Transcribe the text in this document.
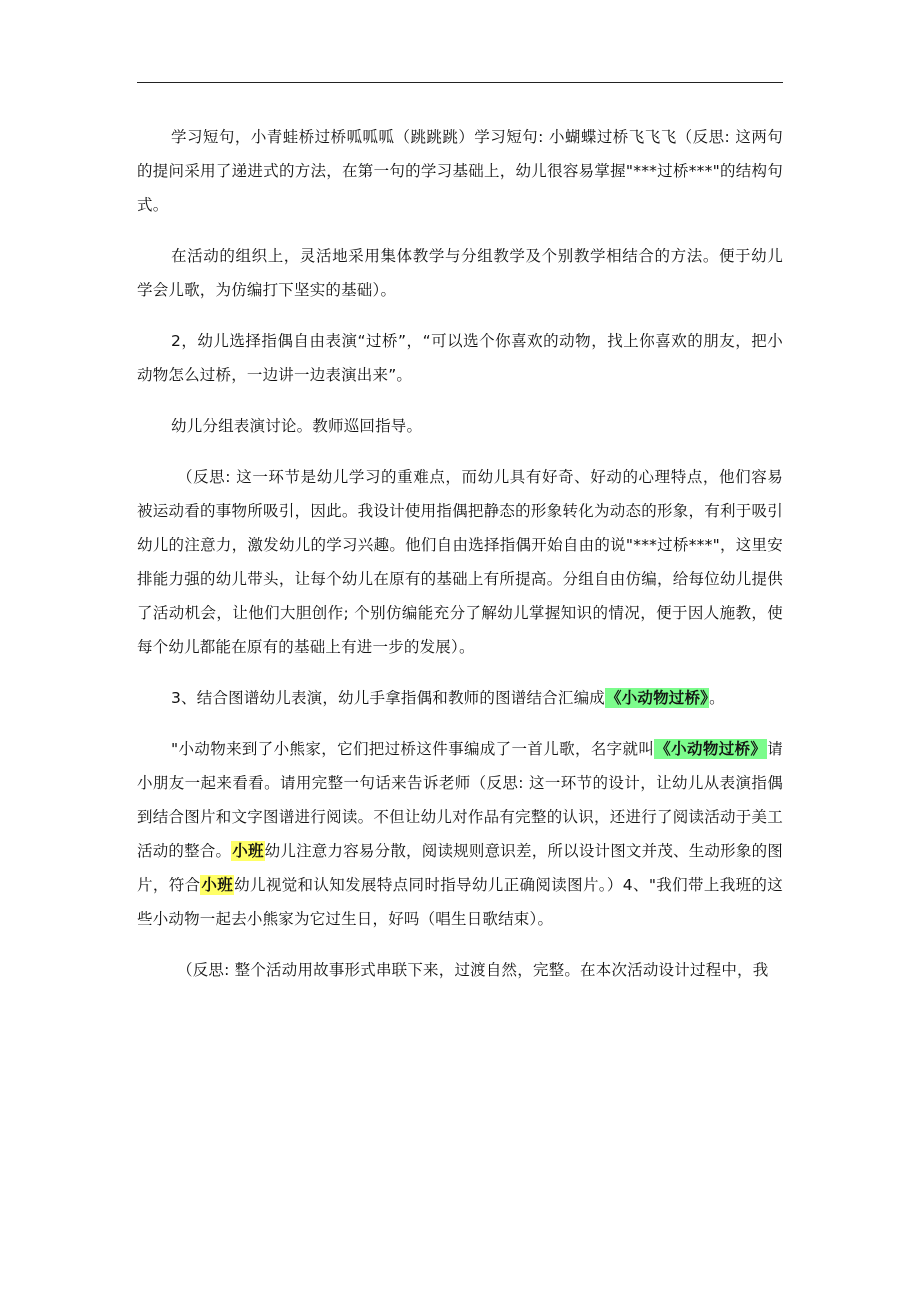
学习短句，小青蛙桥过桥呱呱呱（跳跳跳）学习短句: 小蝴蝶过桥飞飞飞（反思: 这两句的提问采用了递进式的方法，在第一句的学习基础上，幼儿很容易掌握"***过桥***"的结构句式。

在活动的组织上，灵活地采用集体教学与分组教学及个别教学相结合的方法。便于幼儿学会儿歌，为仿编打下坚实的基础）。

2，幼儿选择指偶自由表演“过桥”，“可以选个你喜欢的动物，找上你喜欢的朋友，把小动物怎么过桥，一边讲一边表演出来”。

幼儿分组表演讨论。教师巡回指导。

（反思: 这一环节是幼儿学习的重难点，而幼儿具有好奇、好动的心理特点，他们容易被运动看的事物所吸引，因此。我设计使用指偶把静态的形象转化为动态的形象，有利于吸引幼儿的注意力，激发幼儿的学习兴趣。他们自由选择指偶开始自由的说"***过桥***"，这里安排能力强的幼儿带头，让每个幼儿在原有的基础上有所提高。分组自由仿编，给每位幼儿提供了活动机会，让他们大胆创作; 个别仿编能充分了解幼儿掌握知识的情况，便于因人施教，使每个幼儿都能在原有的基础上有进一步的发展）。

3、结合图谱幼儿表演，幼儿手拿指偶和教师的图谱结合汇编成《小动物过桥》。

"小动物来到了小熊家，它们把过桥这件事编成了一首儿歌，名字就叫《小动物过桥》请小朋友一起来看看。请用完整一句话来告诉老师（反思: 这一环节的设计，让幼儿从表演指偶到结合图片和文字图谱进行阅读。不但让幼儿对作品有完整的认识，还进行了阅读活动于美工活动的整合。小班幼儿注意力容易分散，阅读规则意识差，所以设计图文并茂、生动形象的图片，符合小班幼儿视觉和认知发展特点同时指导幼儿正确阅读图片。）4、"我们带上我班的这些小动物一起去小熊家为它过生日，好吗（唱生日歌结束）。

（反思: 整个活动用故事形式串联下来，过渡自然，完整。在本次活动设计过程中，我
